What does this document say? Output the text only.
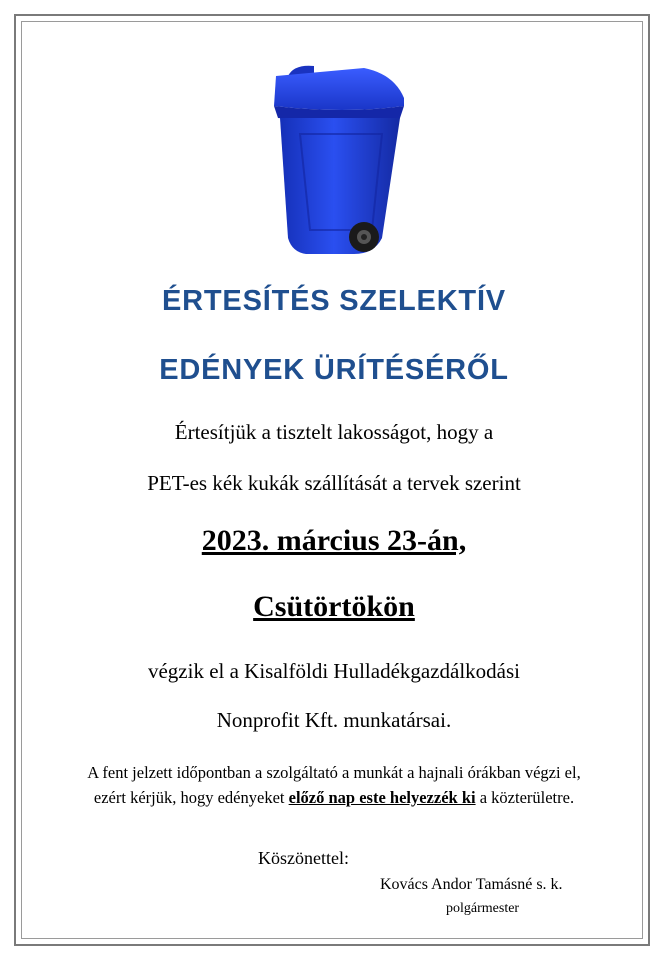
ÉRTESÍTÉS SZELEKTÍV
EDÉNYEK ÜRÍTÉSÉRŐL
Értesítjük a tisztelt lakosságot, hogy a
PET-es kék kukák szállítását a tervek szerint
2023. március 23-án,
Csütörtökön
végzik el a Kisalföldi Hulladékgazdálkodási
Nonprofit Kft. munkatársai.
A fent jelzett időpontban a szolgáltató a munkát a hajnali órákban végzi el,
ezért kérjük, hogy edényeket előző nap este helyezzék ki a közterületre.
Köszönettel:
Kovács Andor Tamásné s. k.
polgármester
